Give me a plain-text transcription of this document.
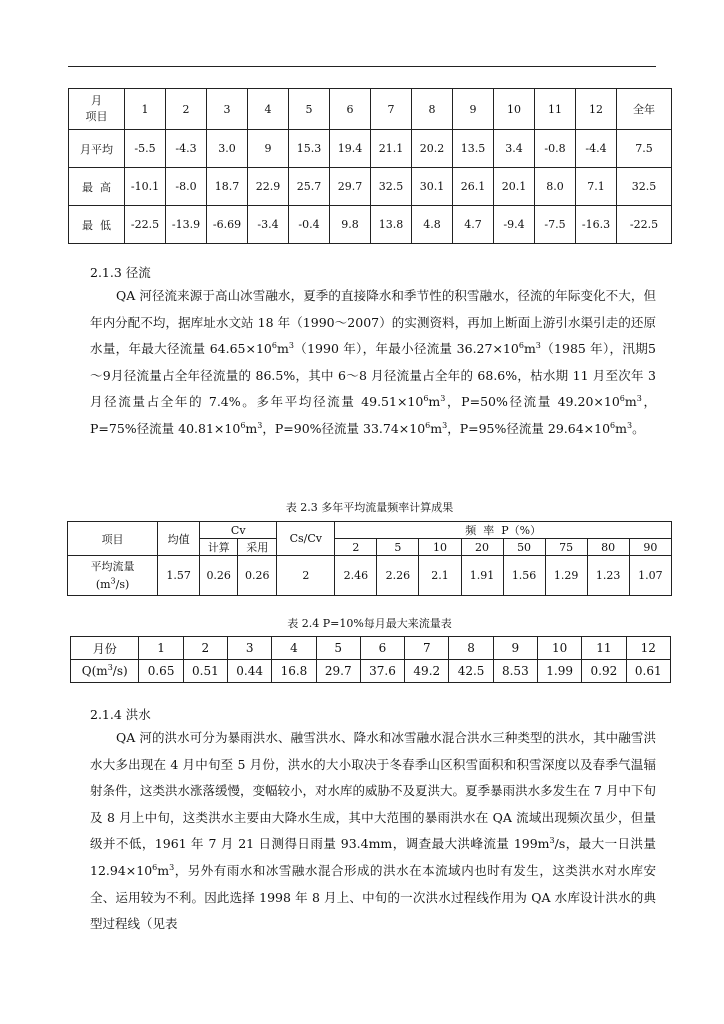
月
项目	1	2	3	4	5	6	7	8	9	10	11	12	全年
月平均	-5.5	-4.3	3.0	9	15.3	19.4	21.1	20.2	13.5	3.4	-0.8	-4.4	7.5
最  高	-10.1	-8.0	18.7	22.9	25.7	29.7	32.5	30.1	26.1	20.1	8.0	7.1	32.5
最  低	-22.5	-13.9	-6.69	-3.4	-0.4	9.8	13.8	4.8	4.7	-9.4	-7.5	-16.3	-22.5
2.1.3 径流

QA 河径流来源于高山冰雪融水，夏季的直接降水和季节性的积雪融水，径流的年际变化不大，但年内分配不均，据库址水文站 18 年（1990～2007）的实测资料，再加上断面上游引水渠引走的还原水量，年最大径流量 $64.65\times 10^6m^3(1990$ 年），年最小径流量 $36.27\times 10^6m^3(1985$ 年），汛期5～9月径流量占全年径流量的 86.5%，其中 6～8 月径流量占全年的 68.6%，枯水期 11 月至次年 3 月径流量占全年的 7.4%。多年平均径流量 $49.51\times 10^6m^3$，P=50%径流量 $49.20\times 10^6m^3$，P=75%径流量 $40.81\times 10^6m^3$，P=90%径流量 $33.74\times 10^6m^3$，P=95%径流量 $29.64\times 10^6m^3$。

表 2.3 多年平均流量频率计算成果
项目	均值	Cv		Cs/Cv	频  率  P（%）							
		计算	采用		2	5	10	20	50	75	80	90

平均流量
$(m^3/s)$	1.57	0.26	0.26	2	2.46	2.26	2.1	1.91	1.56	1.29	1.23	1.07
表 2.4 P=10%每月最大来流量表
月份	1	2	3	4	5	6	7	8	9	10	11	12
$Q(m^3/s)$	0.65	0.51	0.44	16.8	29.7	37.6	49.2	42.5	8.53	1.99	0.92	0.61
2.1.4 洪水

QA 河的洪水可分为暴雨洪水、融雪洪水、降水和冰雪融水混合洪水三种类型的洪水，其中融雪洪水大多出现在 4 月中旬至 5 月份，洪水的大小取决于冬春季山区积雪面积和积雪深度以及春季气温辐射条件，这类洪水涨落缓慢，变幅较小，对水库的威胁不及夏洪大。夏季暴雨洪水多发生在 7 月中下旬及 8 月上中旬，这类洪水主要由大降水生成，其中大范围的暴雨洪水在 QA 流域出现频次虽少，但量级并不低，1961 年 7 月 21 日测得日雨量 93.4mm，调查最大洪峰流量 $199m^3/s$，最大一日洪量 $12.94\times 10^6m^3$，另外有雨水和冰雪融水混合形成的洪水在本流域内也时有发生，这类洪水对水库安全、运用较为不利。因此选择 1998 年 8 月上、中旬的一次洪水过程线作用为 QA 水库设计洪水的典型过程线（见表
